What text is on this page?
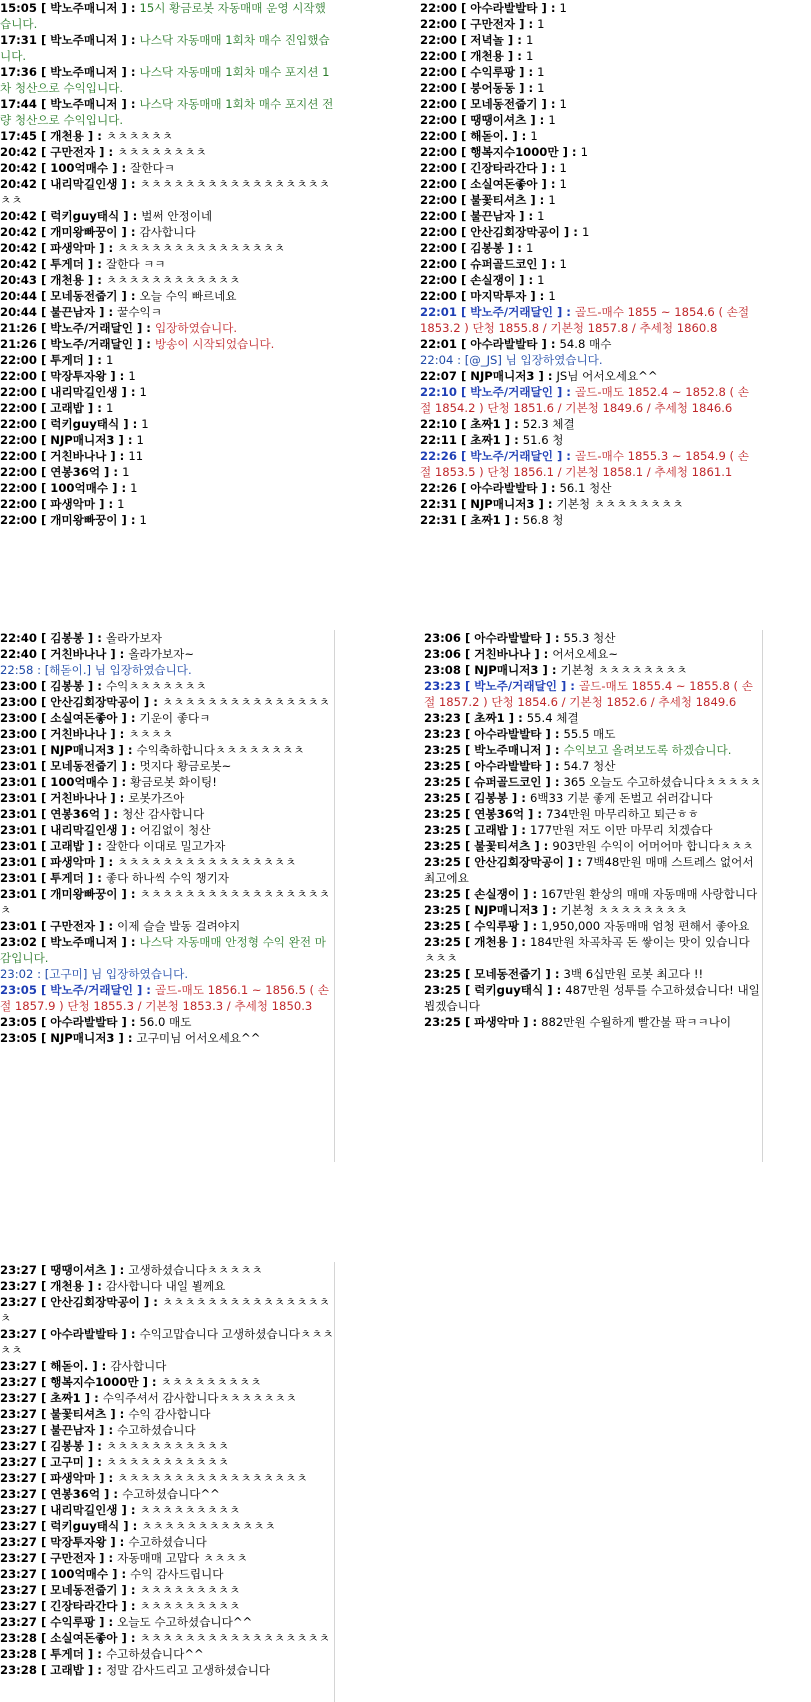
15:05 [ 박노주매니저 ] : 15시 황금로봇 자동매매 운영 시작했습니다.
17:31 [ 박노주매니저 ] : 나스닥 자동매매 1회차 매수 진입했습니다.
17:36 [ 박노주매니저 ] : 나스닥 자동매매 1회차 매수 포지션 1차 청산으로 수익입니다.
17:44 [ 박노주매니저 ] : 나스닥 자동매매 1회차 매수 포지션 전량 청산으로 수익입니다.
17:45 [ 개천용 ] : ㅊㅊㅊㅊㅊㅊ
20:42 [ 구만전자 ] : ㅊㅊㅊㅊㅊㅊㅊㅊ
20:42 [ 100억매수 ] : 잘한다ㅋ
20:42 [ 내리막길인생 ] : ㅊㅊㅊㅊㅊㅊㅊㅊㅊㅊㅊㅊㅊㅊㅊㅊㅊㅊㅊ
20:42 [ 럭키guy태식 ] : 벌써 안정이네
20:42 [ 개미왕빠꿍이 ] : 감사합니다
20:42 [ 파생악마 ] : ㅊㅊㅊㅊㅊㅊㅊㅊㅊㅊㅊㅊㅊㅊㅊ
20:42 [ 투게더 ] : 잘한다 ㅋㅋ
20:43 [ 개천용 ] : ㅊㅊㅊㅊㅊㅊㅊㅊㅊㅊㅊㅊ
20:44 [ 모네동전줍기 ] : 오늘 수익 빠르네요
20:44 [ 불끈남자 ] : 꿀수익ㅋ
21:26 [ 박노주/거래달인 ] : 입장하였습니다.
21:26 [ 박노주/거래달인 ] : 방송이 시작되었습니다.
22:00 [ 투게더 ] : 1
22:00 [ 막장투자왕 ] : 1
22:00 [ 내리막길인생 ] : 1
22:00 [ 고래밥 ] : 1
22:00 [ 럭키guy태식 ] : 1
22:00 [ NJP매니저3 ] : 1
22:00 [ 거친바나나 ] : 11
22:00 [ 연봉36억 ] : 1
22:00 [ 100억매수 ] : 1
22:00 [ 파생악마 ] : 1
22:00 [ 개미왕빠꿍이 ] : 1
22:00 [ 아수라발발타 ] : 1
22:00 [ 구만전자 ] : 1
22:00 [ 저녁놀 ] : 1
22:00 [ 개천용 ] : 1
22:00 [ 수익루팡 ] : 1
22:00 [ 붕어동동 ] : 1
22:00 [ 모네동전줍기 ] : 1
22:00 [ 땡땡이셔츠 ] : 1
22:00 [ 해돋이. ] : 1
22:00 [ 행복지수1000만 ] : 1
22:00 [ 긴장타라간다 ] : 1
22:00 [ 소실여돈좋아 ] : 1
22:00 [ 불꽃티셔츠 ] : 1
22:00 [ 불끈남자 ] : 1
22:00 [ 안산김회장막공이 ] : 1
22:00 [ 김봉봉 ] : 1
22:00 [ 슈퍼골드코인 ] : 1
22:00 [ 손실쟁이 ] : 1
22:00 [ 마지막투자 ] : 1
22:01 [ 박노주/거래달인 ] : 골드-매수 1855 ~ 1854.6 ( 손절 1853.2 ) 단청 1855.8 / 기본청 1857.8 / 추세청 1860.8
22:01 [ 아수라발발타 ] : 54.8 매수
22:04 : [@_JS] 님 입장하였습니다.
22:07 [ NJP매니저3 ] : JS님 어서오세요^^
22:10 [ 박노주/거래달인 ] : 골드-매도 1852.4 ~ 1852.8 ( 손절 1854.2 ) 단청 1851.6 / 기본청 1849.6 / 추세청 1846.6
22:10 [ 초짜1 ] : 52.3 체결
22:11 [ 초짜1 ] : 51.6 청
22:26 [ 박노주/거래달인 ] : 골드-매수 1855.3 ~ 1854.9 ( 손절 1853.5 ) 단청 1856.1 / 기본청 1858.1 / 추세청 1861.1
22:26 [ 아수라발발타 ] : 56.1 청산
22:31 [ NJP매니저3 ] : 기본청 ㅊㅊㅊㅊㅊㅊㅊㅊ
22:31 [ 초짜1 ] : 56.8 청
22:40 [ 김봉봉 ] : 올라가보자
22:40 [ 거친바나나 ] : 올라가보자~
22:58 : [해돋이.] 님 입장하였습니다.
23:00 [ 김봉봉 ] : 수익ㅊㅊㅊㅊㅊㅊㅊ
23:00 [ 안산김회장막공이 ] : ㅊㅊㅊㅊㅊㅊㅊㅊㅊㅊㅊㅊㅊㅊㅊ
23:00 [ 소실여돈좋아 ] : 기운이 좋다ㅋ
23:00 [ 거친바나나 ] : ㅊㅊㅊㅊ
23:01 [ NJP매니저3 ] : 수익축하합니다ㅊㅊㅊㅊㅊㅊㅊㅊ
23:01 [ 모네동전줍기 ] : 멋지다 황금로봇~
23:01 [ 100억매수 ] : 황금로봇 화이팅!
23:01 [ 거친바나나 ] : 로봇가즈아
23:01 [ 연봉36억 ] : 청산 감사합니다
23:01 [ 내리막길인생 ] : 어김없이 청산
23:01 [ 고래밥 ] : 잘한다 이대로 밀고가자
23:01 [ 파생악마 ] : ㅊㅊㅊㅊㅊㅊㅊㅊㅊㅊㅊㅊㅊㅊㅊㅊ
23:01 [ 투게더 ] : 좋다 하나씩 수익 챙기자
23:01 [ 개미왕빠꿍이 ] : ㅊㅊㅊㅊㅊㅊㅊㅊㅊㅊㅊㅊㅊㅊㅊㅊㅊㅊ
23:01 [ 구만전자 ] : 이제 슬슬 발동 걸려야지
23:02 [ 박노주매니저 ] : 나스닥 자동매매 안정형 수익 완전 마감입니다.
23:02 : [고구미] 님 입장하였습니다.
23:05 [ 박노주/거래달인 ] : 골드-매도 1856.1 ~ 1856.5 ( 손절 1857.9 ) 단청 1855.3 / 기본청 1853.3 / 추세청 1850.3
23:05 [ 아수라발발타 ] : 56.0 매도
23:05 [ NJP매니저3 ] : 고구미님 어서오세요^^
23:06 [ 아수라발발타 ] : 55.3 청산
23:06 [ 거친바나나 ] : 어서오세요~
23:08 [ NJP매니저3 ] : 기본청 ㅊㅊㅊㅊㅊㅊㅊㅊ
23:23 [ 박노주/거래달인 ] : 골드-매도 1855.4 ~ 1855.8 ( 손절 1857.2 ) 단청 1854.6 / 기본청 1852.6 / 추세청 1849.6
23:23 [ 초짜1 ] : 55.4 체결
23:23 [ 아수라발발타 ] : 55.5 매도
23:25 [ 박노주매니저 ] : 수익보고 올려보도록 하겠습니다.
23:25 [ 아수라발발타 ] : 54.7 청산
23:25 [ 슈퍼골드코인 ] : 365 오늘도 수고하셨습니다ㅊㅊㅊㅊㅊ
23:25 [ 김봉봉 ] : 6백33 기분 좋게 돈벌고 쉬러갑니다
23:25 [ 연봉36억 ] : 734만원 마무리하고 퇴근ㅎㅎ
23:25 [ 고래밥 ] : 177만원 저도 이만 마무리 치겠습다
23:25 [ 불꽃티셔츠 ] : 903만원 수익이 어머어마 합니다ㅊㅊㅊ
23:25 [ 안산김회장막공이 ] : 7백48만원 매매 스트레스 없어서 최고에요
23:25 [ 손실쟁이 ] : 167만원 환상의 매매 자동매매 사랑합니다
23:25 [ NJP매니저3 ] : 기본청 ㅊㅊㅊㅊㅊㅊㅊㅊ
23:25 [ 수익루팡 ] : 1,950,000 자동매매 엄청 편해서 좋아요
23:25 [ 개천용 ] : 184만원 차곡차곡 돈 쌓이는 맛이 있습니다 ㅊㅊㅊ
23:25 [ 모네동전줍기 ] : 3백 6십만원 로봇 최고다 !!
23:25 [ 럭키guy태식 ] : 487만원 성투를 수고하셨습니다! 내일 뵙겠습니다
23:25 [ 파생악마 ] : 882만원 수월하게 빨간불 팍ㅋㅋ나이
23:27 [ 땡땡이셔츠 ] : 고생하셨습니다ㅊㅊㅊㅊㅊ
23:27 [ 개천용 ] : 감사합니다 내일 뵐께요
23:27 [ 안산김회장막공이 ] : ㅊㅊㅊㅊㅊㅊㅊㅊㅊㅊㅊㅊㅊㅊㅊㅊ
23:27 [ 아수라발발타 ] : 수익고맙습니다 고생하셨습니다ㅊㅊㅊㅊㅊ
23:27 [ 해돋이. ] : 감사합니다
23:27 [ 행복지수1000만 ] : ㅊㅊㅊㅊㅊㅊㅊㅊㅊ
23:27 [ 초짜1 ] : 수익주셔서 감사합니다ㅊㅊㅊㅊㅊㅊㅊ
23:27 [ 불꽃티셔츠 ] : 수익 감사합니다
23:27 [ 불끈남자 ] : 수고하셨습니다
23:27 [ 김봉봉 ] : ㅊㅊㅊㅊㅊㅊㅊㅊㅊㅊㅊ
23:27 [ 고구미 ] : ㅊㅊㅊㅊㅊㅊㅊㅊㅊㅊㅊ
23:27 [ 파생악마 ] : ㅊㅊㅊㅊㅊㅊㅊㅊㅊㅊㅊㅊㅊㅊㅊㅊㅊ
23:27 [ 연봉36억 ] : 수고하셨습니다^^
23:27 [ 내리막길인생 ] : ㅊㅊㅊㅊㅊㅊㅊㅊㅊ
23:27 [ 럭키guy태식 ] : ㅊㅊㅊㅊㅊㅊㅊㅊㅊㅊㅊㅊ
23:27 [ 막장투자왕 ] : 수고하셨습니다
23:27 [ 구만전자 ] : 자동매매 고맙다 ㅊㅊㅊㅊ
23:27 [ 100억매수 ] : 수익 감사드립니다
23:27 [ 모네동전줍기 ] : ㅊㅊㅊㅊㅊㅊㅊㅊㅊ
23:27 [ 긴장타라간다 ] : ㅊㅊㅊㅊㅊㅊㅊㅊㅊ
23:27 [ 수익루팡 ] : 오늘도 수고하셨습니다^^
23:28 [ 소실여돈좋아 ] : ㅊㅊㅊㅊㅊㅊㅊㅊㅊㅊㅊㅊㅊㅊㅊㅊㅊ
23:28 [ 투게더 ] : 수고하셨습니다^^
23:28 [ 고래밥 ] : 정말 감사드리고 고생하셨습니다
